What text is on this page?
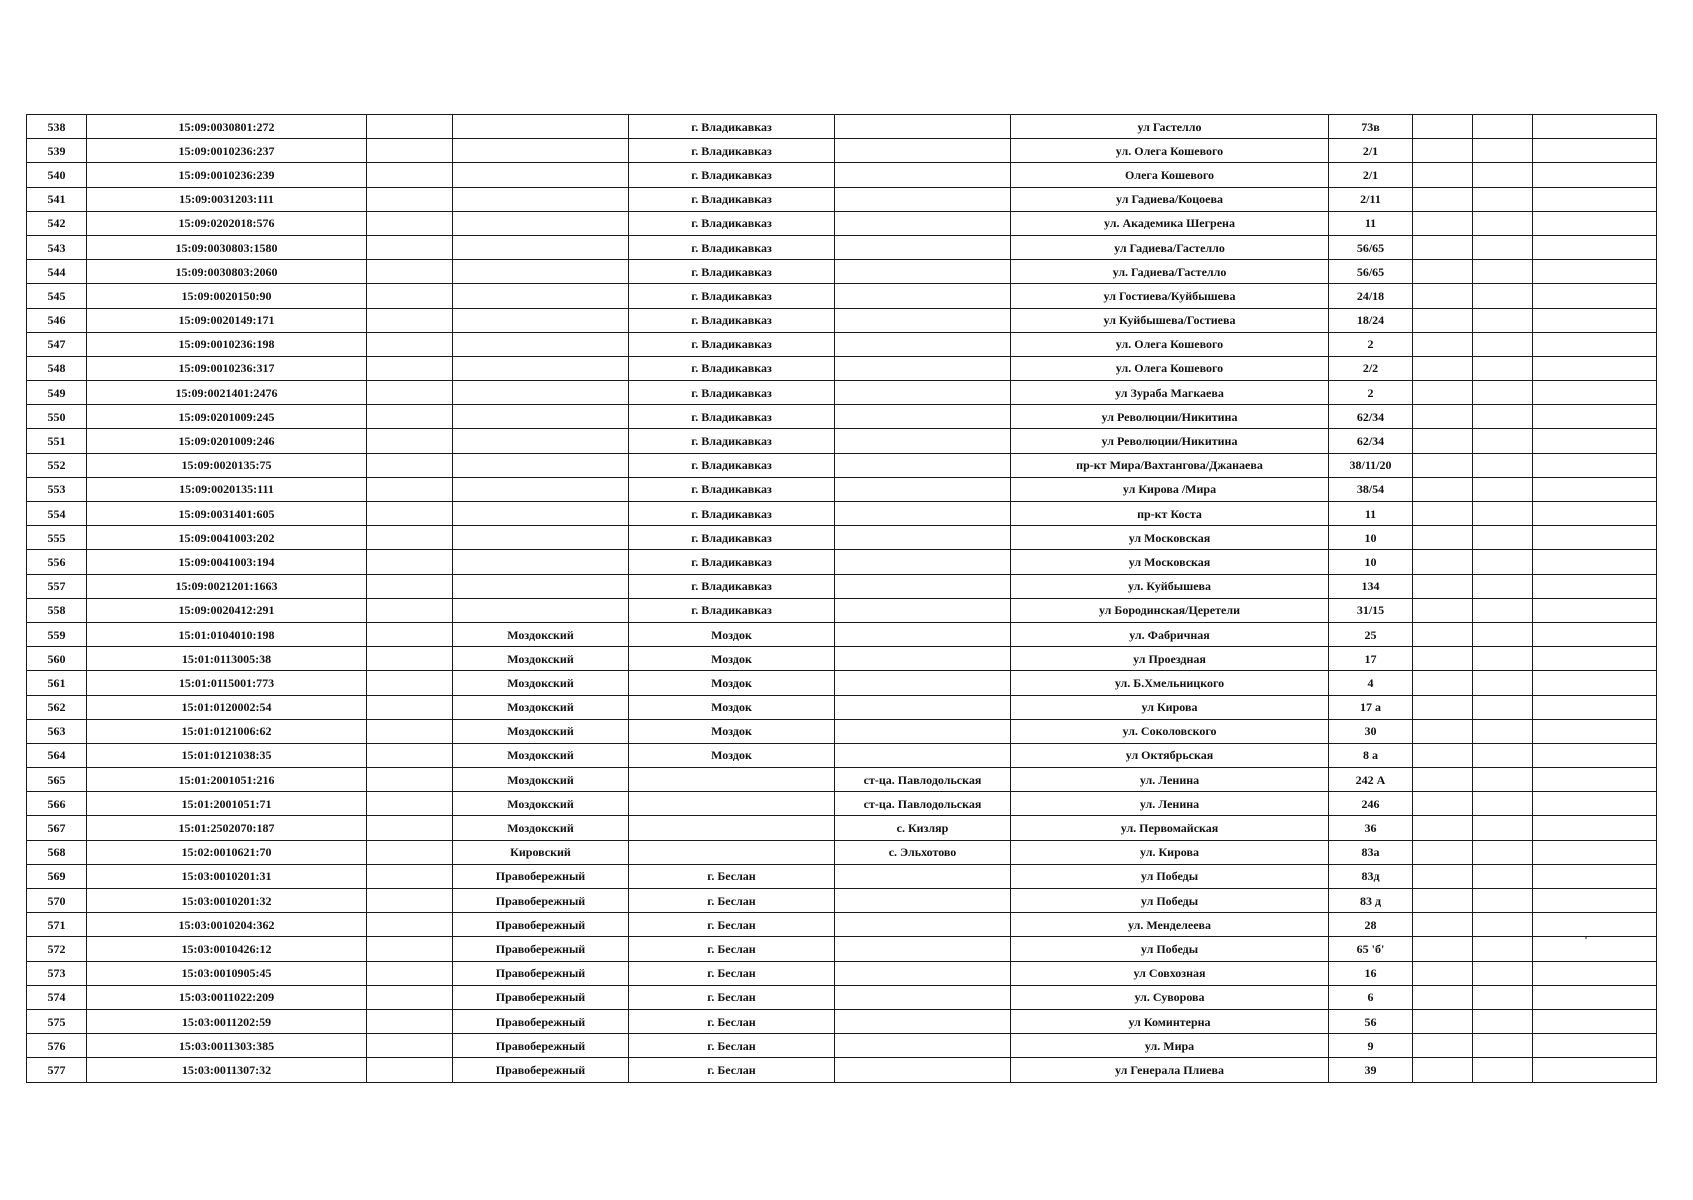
538	15:09:0030801:272			г. Владикавказ		ул Гастелло	73в			
539	15:09:0010236:237			г. Владикавказ		ул. Олега Кошевого	2/1			
540	15:09:0010236:239			г. Владикавказ		Олега Кошевого	2/1			
541	15:09:0031203:111			г. Владикавказ		ул Гадиева/Коцоева	2/11			
542	15:09:0202018:576			г. Владикавказ		ул. Академика Шегрена	11			
543	15:09:0030803:1580			г. Владикавказ		ул Гадиева/Гастелло	56/65			
544	15:09:0030803:2060			г. Владикавказ		ул. Гадиева/Гастелло	56/65			
545	15:09:0020150:90			г. Владикавказ		ул Гостиева/Куйбышева	24/18			
546	15:09:0020149:171			г. Владикавказ		ул Куйбышева/Гостиева	18/24			
547	15:09:0010236:198			г. Владикавказ		ул. Олега Кошевого	2			
548	15:09:0010236:317			г. Владикавказ		ул. Олега Кошевого	2/2			
549	15:09:0021401:2476			г. Владикавказ		ул Зураба Магкаева	2			
550	15:09:0201009:245			г. Владикавказ		ул Революции/Никитина	62/34			
551	15:09:0201009:246			г. Владикавказ		ул Революции/Никитина	62/34			
552	15:09:0020135:75			г. Владикавказ		пр-кт Мира/Вахтангова/Джанаева	38/11/20			
553	15:09:0020135:111			г. Владикавказ		ул Кирова /Мира	38/54			
554	15:09:0031401:605			г. Владикавказ		пр-кт Коста	11			
555	15:09:0041003:202			г. Владикавказ		ул Московская	10			
556	15:09:0041003:194			г. Владикавказ		ул Московская	10			
557	15:09:0021201:1663			г. Владикавказ		ул. Куйбышева	134			
558	15:09:0020412:291			г. Владикавказ		ул Бородинская/Церетели	31/15			
559	15:01:0104010:198		Моздокский	Моздок		ул. Фабричная	25			
560	15:01:0113005:38		Моздокский	Моздок		ул Проездная	17			
561	15:01:0115001:773		Моздокский	Моздок		ул. Б.Хмельницкого	4			
562	15:01:0120002:54		Моздокский	Моздок		ул Кирова	17 а			
563	15:01:0121006:62		Моздокский	Моздок		ул. Соколовского	30			
564	15:01:0121038:35		Моздокский	Моздок		ул Октябрьская	8 а			
565	15:01:2001051:216		Моздокский		ст-ца. Павлодольская	ул. Ленина	242 А			
566	15:01:2001051:71		Моздокский		ст-ца. Павлодольская	ул. Ленина	246			
567	15:01:2502070:187		Моздокский		с. Кизляр	ул. Первомайская	36			
568	15:02:0010621:70		Кировский		с. Эльхотово	ул. Кирова	83а			
569	15:03:0010201:31		Правобережный	г. Беслан		ул Победы	83д			
570	15:03:0010201:32		Правобережный	г. Беслан		ул Победы	83 д			
571	15:03:0010204:362		Правобережный	г. Беслан		ул. Менделеева	28			
572	15:03:0010426:12		Правобережный	г. Беслан		ул Победы	65 'б'			
573	15:03:0010905:45		Правобережный	г. Беслан		ул Совхозная	16			
574	15:03:0011022:209		Правобережный	г. Беслан		ул. Суворова	6			
575	15:03:0011202:59		Правобережный	г. Беслан		ул Коминтерна	56			
576	15:03:0011303:385		Правобережный	г. Беслан		ул. Мира	9			
577	15:03:0011307:32		Правобережный	г. Беслан		ул Генерала Плиева	39			
